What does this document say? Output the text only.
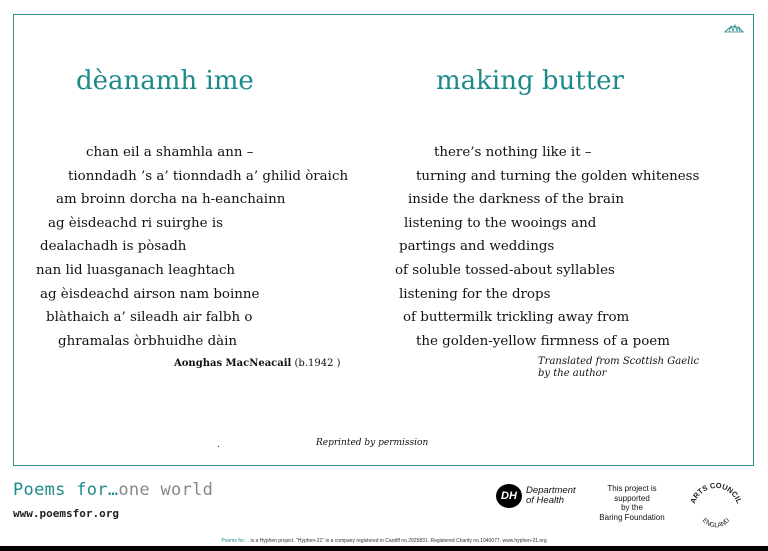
dèanamh ime	making butter
chan eil a shamhla ann –
tionndadh ’s a’ tionndadh a’ ghilid òraich
am broinn dorcha na h-eanchainn
ag èisdeachd ri suirghe is
dealachadh is pòsadh
nan lid luasganach leaghtach
ag èisdeachd airson nam boinne
blàthaich a’ sileadh air falbh o
ghramalas òrbhuidhe dàin
there’s nothing like it –
turning and turning the golden whiteness
inside the darkness of the brain
listening to the wooings and
partings and weddings
of soluble tossed-about syllables
listening for the drops
of buttermilk trickling away from
the golden-yellow firmness of a poem
Aonghas MacNeacail (b.1942 )	Translated from Scottish Gaelic
by the author
.	Reprinted by permission
Poems for…one world
www.poemsfor.org
DH Department
of Health
This project is
supported
by the
Baring Foundation
ARTS COUNCIL
ENGLAND
Poems for… is a Hyphen project. "Hyphen-21" is a company registered in Cardiff no.2925831. Registered Charity no.1040077. www.hyphen-21.org
